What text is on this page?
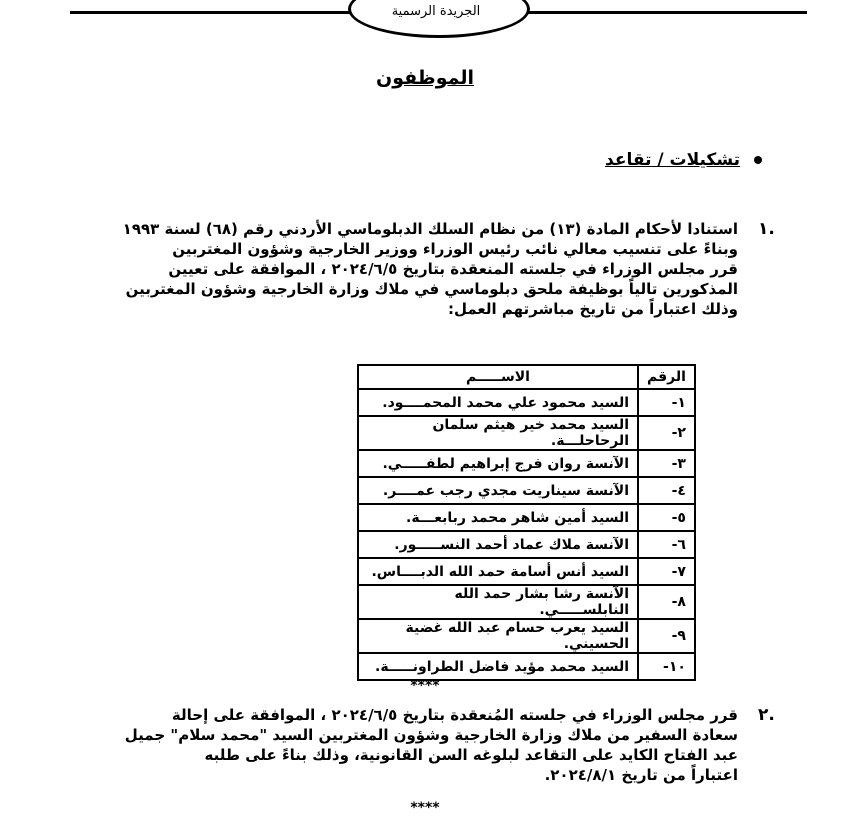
الجريدة الرسمية
الموظفون
تشكيلات / تقاعد
١.
استنادا لأحكام المادة (١٣) من نظام السلك الدبلوماسي الأردني رقم (٦٨) لسنة ١٩٩٣
وبناءً على تنسيب معالي نائب رئيس الوزراء ووزير الخارجية وشؤون المغتربين
قرر مجلس الوزراء في جلسته المنعقدة بتاريخ ٢٠٢٤/٦/٥ ، الموافقة على تعيين
المذكورين تالياً بوظيفة ملحق دبلوماسي في ملاك وزارة الخارجية وشؤون المغتربين
وذلك اعتباراً من تاريخ مباشرتهم العمل:
الرقم	الاســـــم
١-	السيد محمود علي محمد المحمــــود.
٢-	السيد محمد خير هيثم سلمان الرحاحلـــة.
٣-	الآنسة روان فرج إبراهيم لطفـــــي.
٤-	الآنسة سيناريت مجدي رجب عمــــر.
٥-	السيد أمين شاهر محمد ربابعـــة.
٦-	الآنسة ملاك عماد أحمد النســـــور.
٧-	السيد أنس أسامة حمد الله الدبــــاس.
٨-	الآنسة رشا بشار حمد الله النابلســـــي.
٩-	السيد يعرب حسام عبد الله غضية الحسيني.
١٠-	السيد محمد مؤيد فاضل الطراونـــــة.
****
٢.
قرر مجلس الوزراء في جلسته المُنعقدة بتاريخ ٢٠٢٤/٦/٥ ، الموافقة على إحالة
سعادة السفير من ملاك وزارة الخارجية وشؤون المغتربين السيد "محمد سلام" جميل
عبد الفتاح الكايد على التقاعد لبلوغه السن القانونية، وذلك بناءً على طلبه
اعتباراً من تاريخ ٢٠٢٤/٨/١.
****
